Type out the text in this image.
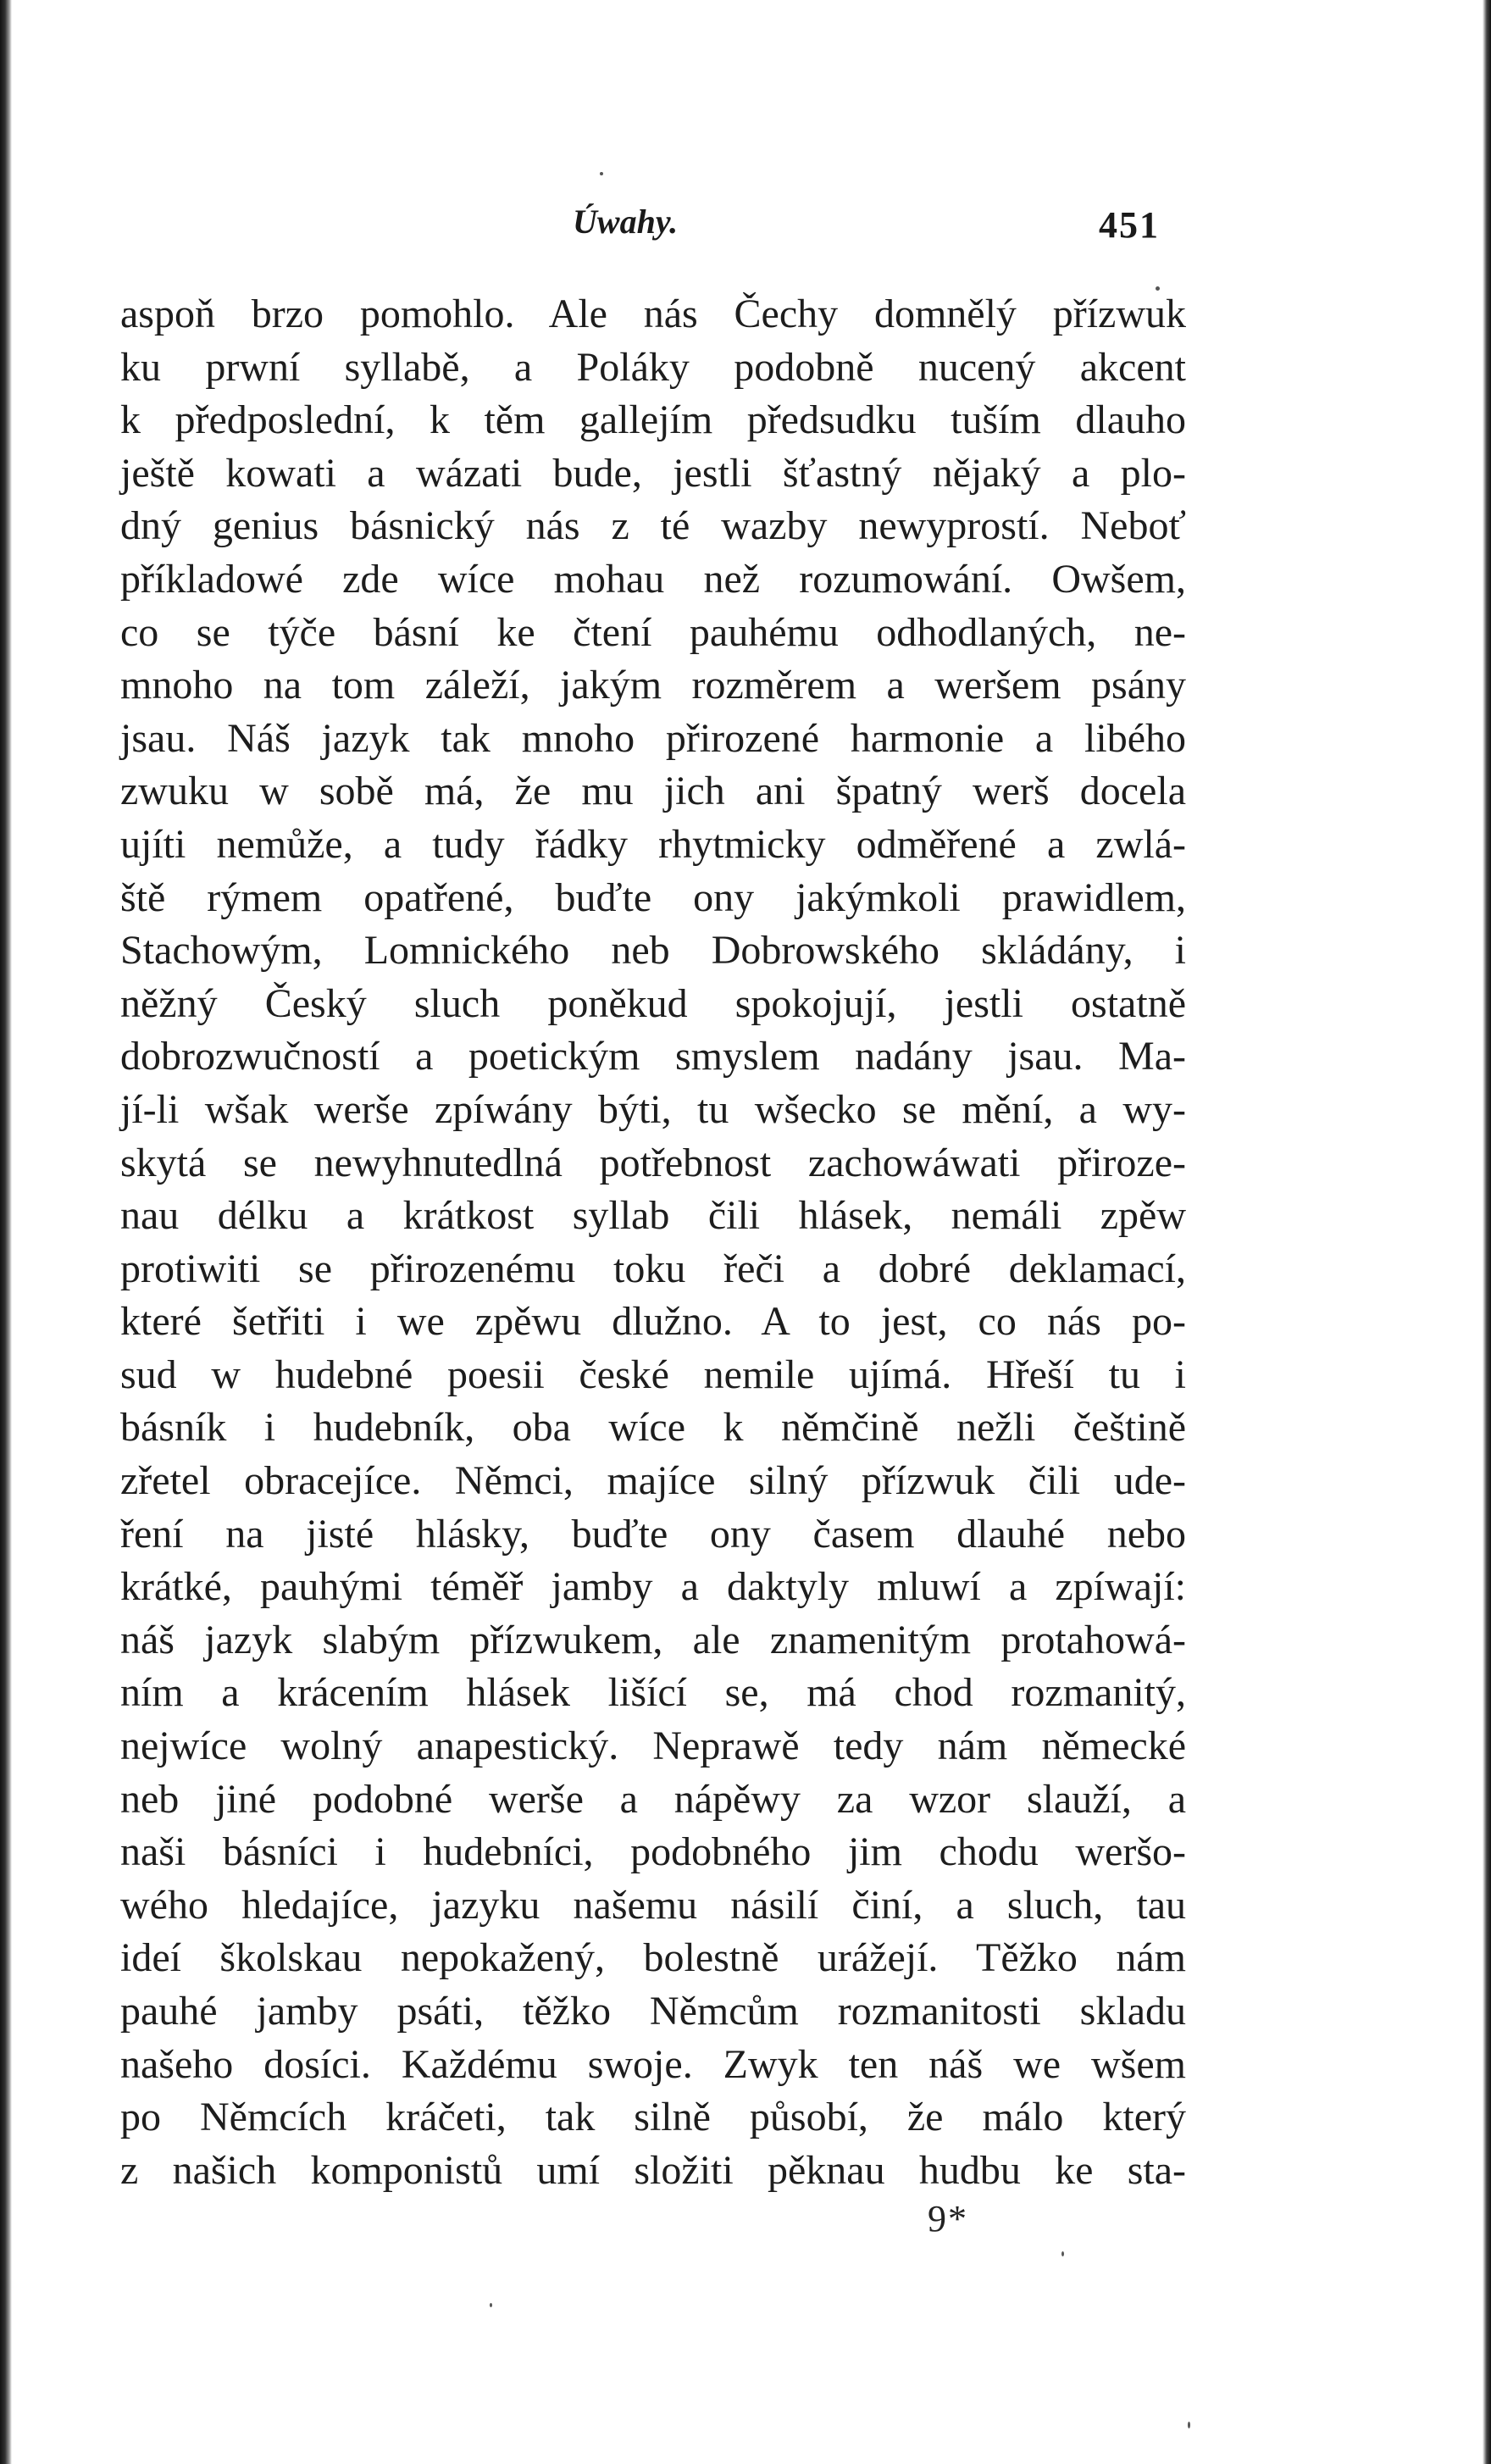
Úwahy.	451
aspoň brzo pomohlo. Ale nás Čechy domnělý přízwuk
ku prwní syllabě, a Poláky podobně nucený akcent
k předposlední, k těm gallejím předsudku tuším dlauho
ještě kowati a wázati bude, jestli šťastný nějaký a plo-
dný genius básnický nás z té wazby newyprostí. Neboť
příkladowé zde wíce mohau než rozumowání. Owšem,
co se týče básní ke čtení pauhému odhodlaných, ne-
mnoho na tom záleží, jakým rozměrem a weršem psány
jsau. Náš jazyk tak mnoho přirozené harmonie a libého
zwuku w sobě má, že mu jich ani špatný werš docela
ujíti nemůže, a tudy řádky rhytmicky odměřené a zwlá-
ště rýmem opatřené, buďte ony jakýmkoli prawidlem,
Stachowým, Lomnického neb Dobrowského skládány, i
něžný Český sluch poněkud spokojují, jestli ostatně
dobrozwučností a poetickým smyslem nadány jsau. Ma-
jí-li wšak werše zpíwány býti, tu wšecko se mění, a wy-
skytá se newyhnutedlná potřebnost zachowáwati přiroze-
nau délku a krátkost syllab čili hlásek, nemáli zpěw
protiwiti se přirozenému toku řeči a dobré deklamací,
které šetřiti i we zpěwu dlužno. A to jest, co nás po-
sud w hudebné poesii české nemile ujímá. Hřeší tu i
básník i hudebník, oba wíce k němčině nežli češtině
zřetel obracejíce. Němci, majíce silný přízwuk čili ude-
ření na jisté hlásky, buďte ony časem dlauhé nebo
krátké, pauhými téměř jamby a daktyly mluwí a zpíwají:
náš jazyk slabým přízwukem, ale znamenitým protahowá-
ním a krácením hlásek lišící se, má chod rozmanitý,
nejwíce wolný anapestický. Neprawě tedy nám německé
neb jiné podobné werše a nápěwy za wzor slauží, a
naši básníci i hudebníci, podobného jim chodu weršo-
wého hledajíce, jazyku našemu násilí činí, a sluch, tau
ideí školskau nepokažený, bolestně urážejí. Těžko nám
pauhé jamby psáti, těžko Němcům rozmanitosti skladu
našeho dosíci. Každému swoje. Zwyk ten náš we wšem
po Němcích kráčeti, tak silně působí, že málo který
z našich komponistů umí složiti pěknau hudbu ke sta-
9*
